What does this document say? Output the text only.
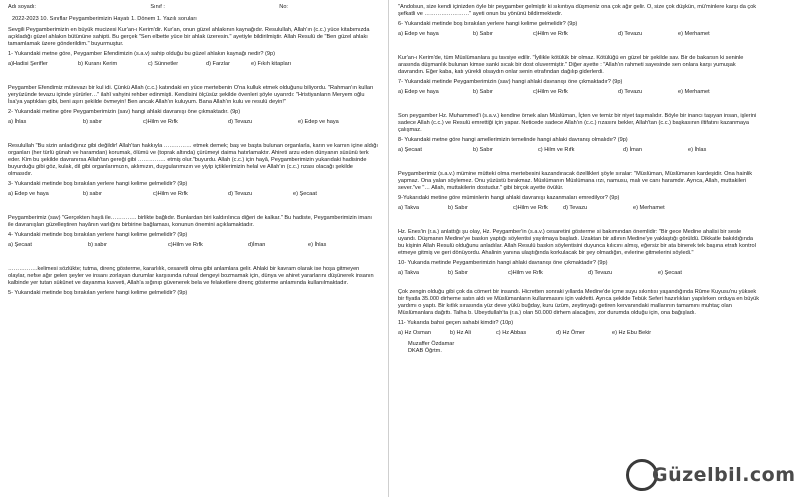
Adı soyadı:	Sınıf :	No:
2022-2023 10. Sınıflar Peygamberimizin Hayatı 1. Dönem 1. Yazılı soruları

Sevgili Peygamberimizin en büyük mucizesi Kur'an-ı Kerim'dir. Kur'an, onun güzel ahlakının kaynağıdır. Resulullah, Allah'ın (c.c.) yüce kitabımızda açıkladığı güzel ahlakın bütününe sahipti. Bu gerçek "Sen elbette yüce bir ahlak üzeresin." ayetiyle bildirilmiştir. Allah Resulü de "Ben güzel ahlakı tamamlamak üzere gönderildim." buyurmuştur.

1- Yukarıdaki metne göre, Peygamber Efendimizin (s.a.v) sahip olduğu bu güzel ahlakın kaynağı nedir? (9p)
a)Hadisi Şerifler	b) Kuranı Kerim	c) Sünnetler	d) Farzlar	e) Fıkıh kitapları

Peygamber Efendimiz mütevazı bir kul idi. Çünkü Allah (c.c.) katındaki en yüce mertebenin O'na kulluk etmek olduğunu biliyordu. "Rahman'ın kulları yeryüzünde tevazu içinde yürürler…" ilahî vahyini rehber edinmişti. Kendisini ölçüsüz şekilde övenleri şöyle uyarırdı: "Hristiyanların Meryem oğlu İsa'ya yaptıkları gibi, beni aşırı şekilde övmeyin! Ben ancak Allah'ın kuluyum. Bana Allah'ın kulu ve resulü deyin!"

2- Yukarıdaki metine göre Peygamberimizin (sav) hangi ahlaki davranışı öne çıkmaktadır. (9p)
a) İhlas	b) sabır	c)Hilm ve Rıfk	d) Tevazu	e) Edep ve haya

Resulullah "Bu sizin anladığınız gibi değildir! Allah'tan hakkıyla …………… etmek demek; baş ve başta bulunan organlarla, karın ve karnın içine aldığı organları (her türlü günah ve haramdan) korumak, ölümü ve (toprak altında) çürümeyi daima hatırlamaktır. Ahireti arzu eden dünyanın süsünü terk eder. Kim bu şekilde davranırsa Allah'tan gereği gibi …………… etmiş olur."buyurdu. Allah (c.c.) için hayâ, Peygamberimizin yukarıdaki hadisinde buyurduğu gibi göz, kulak, dil gibi organlarımızın, aklımızın, duygularımızın ve yiyip içtiklerimizin helal ve Allah'ın (c.c.) rızası olacağı şekilde olmasıdır.

3- Yukarıdaki metinde boş bırakılan yerlere hangi kelime gelmelidir? (9p)
a) Edep ve haya	b) sabır	c)Hilm ve Rıfk	d) Tevazu	e) Şecaat

Peygamberimiz (sav) "Gerçekten hayâ ile………….. birlikte bağlıdır. Bunlardan biri kaldırılınca diğeri de kalkar." Bu hadiste, Peygamberimizin imanı ile davranışları güzelleştiren hayânın varlığını birbirine bağlaması, konunun önemini açıklamaktadır.

4- Yukarıdaki metinde boş bırakılan yerlere hangi kelime gelmelidir? (9p)
a) Şecaat	b) sabır	c)Hilm ve Rıfk	d)İman	e) İhlas

…………….kelimesi sözlükte; tutma, direnç gösterme, kararlılık, cesaretli olma gibi anlamlara gelir. Ahlaki bir kavram olarak ise hoşa gitmeyen olaylar, nefse ağır gelen şeyler ve insanı zorlayan durumlar karşısında ruhsal dengeyi bozmamak için, dünya ve ahiret yararlarını düşünerek insanın kalbinde yer tutan sükûnet ve dayanma kuvveti, Allah'a sığınıp güvenerek bela ve felaketlere direnç gösterme anlamında kullanılmaktadır.

5- Yukarıdaki metinde boş bırakılan yerlere hangi kelime gelmelidir? (9p)

"Andolsun, size kendi içinizden öyle bir peygamber gelmiştir ki sıkıntıya düşmeniz ona çok ağır gelir. O, size çok düşkün, mü'minlere karşı da çok şefkatli ve ……………………" ayeti onun bu yönünü bildirmektedir.

6- Yukarıdaki metinde boş bırakılan yerlere hangi kelime gelmelidir? (9p)
a) Edep ve haya	b) Sabır	c)Hilm ve Rıfk	d) Tevazu	e) Merhamet

Kur'an-ı Kerim'de, tüm Müslümanlara şu tavsiye edilir. "İyilikle kötülük bir olmaz. Kötülüğü en güzel bir şekilde sav. Bir de bakarsın ki seninle arasında düşmanlık bulunan kimse sanki sıcak bir dost oluvermiştir." Diğer ayette : "Allah'ın rahmeti sayesinde sen onlara karşı yumuşak davrandın. Eğer kaba, katı yürekli olsaydın onlar senin etrafından dağılıp giderlerdi.

7- Yukarıdaki metinde Peygamberimizin (sav) hangi ahlaki davranışı öne çıkmaktadır? (9p)
a) Edep ve haya	b) Sabır	c)Hilm ve Rıfk	d) Tevazu	e) Merhamet

Son peygamber Hz. Muhammed'i (s.a.v.) kendine örnek alan Müslüman, İçten ve temiz bir niyet taşımalıdır. Böyle bir inancı taşıyan insan, işlerini sadece Allah (c.c.) ve Resulü emrettiği için yapar. Neticede sadece Allah'ın (c.c.) rızasını bekler, Allah'tan (c.c.) başkasının iltifatını kazanmaya çalışmaz.

8- Yukarıdaki metne göre hangi amellerimizin temelinde hangi ahlaki davranış olmalıdır? (9p)
a) Şecaat	b) Sabır	c) Hilm ve Rıfk	d) İman	e) İhlas

Peygamberimiz (s.a.v.) mümine mütteki olma mertebesini kazandıracak özellikleri şöyle sıralar: "Müslüman, Müslümanın kardeşidir. Ona hainlik yapmaz. Ona yalan söylemez. Onu yüzüstü bırakmaz. Müslümanın Müslümana ırzı, namusu, malı ve canı haramdır. Ayrıca, Allah, muttakileri sever."ve "… Allah, muttakilerin dostudur." gibi birçok ayette övülür.

9-Yukarıdaki metine göre müminlerin hangi ahlaki davranışı kazanmaları emredilyor? (9p)
a) Takva	b) Sabır	c)Hilm ve Rıfk	d) Tevazu	e) Merhamet

Hz. Enes'in (r.a.) anlattığı şu olay, Hz. Peygamber'in (s.a.v.) cesaretini gösterme si bakımından önemlidir: "Bir gece Medine ahalisi bir sesle uyandı. Düşmanın Medine'ye baskın yaptığı söylentisi yayılmaya başladı. Uzaktan bir atlının Medine'ye yaklaştığı görüldü. Dikkatle bakıldığında bu kişinin Allah Resulü olduğunu anladılar. Allah Resulü baskın söylentisini duyunca kılıcını almış, eğersiz bir ata binerek tek başına etrafı kontrol etmeye gitmiş ve geri dönüyordu. Ahalinin yanına ulaştığında korkulacak bir şey olmadığın, evlerine gitmelerini söyledi."

10- Yukarıda metinde Peygamberimizin hangi ahlaki davranışı öne çıkmaktadır? (9p)
a) Takva	b) Sabır	c)Hilm ve Rıfk	d) Tevazu	e) Şecaat

Çok zengin olduğu gibi çok da cömert bir insandı. Hicretten sonraki yıllarda Medine'de içme suyu sıkıntısı yaşandığında Rûme Kuyusu'nu yüksek bir fiyatla 35.000 dirheme satın aldı ve Müslümanların kullanmasını için vakfetti. Ayrıca şekilde Tebük Seferi hazırlıkları yapılırken orduya en büyük yardımı o yaptı. Bir kıtlık sırasında yüz deve yükü buğday, kuru üzüm, zeytinyağı getiren kervanındaki mallarının tamamını muhtaç olan Müslümanlara dağıttı. Talha b. Ubeydullah'ta (r.a.) olan 50.000 dirhem alacağını, zor durumda olduğu için, ona bağışladı.

11- Yukarıda bahsi geçen sahabi kimdir? (10p)
a) Hz Osman	b) Hz Ali	c) Hz Abbas	d) Hz Ömer	e) Hz Ebu Bekir
Muzaffer Özdamar
DKAB Öğrtm.
Güzelbil.com
